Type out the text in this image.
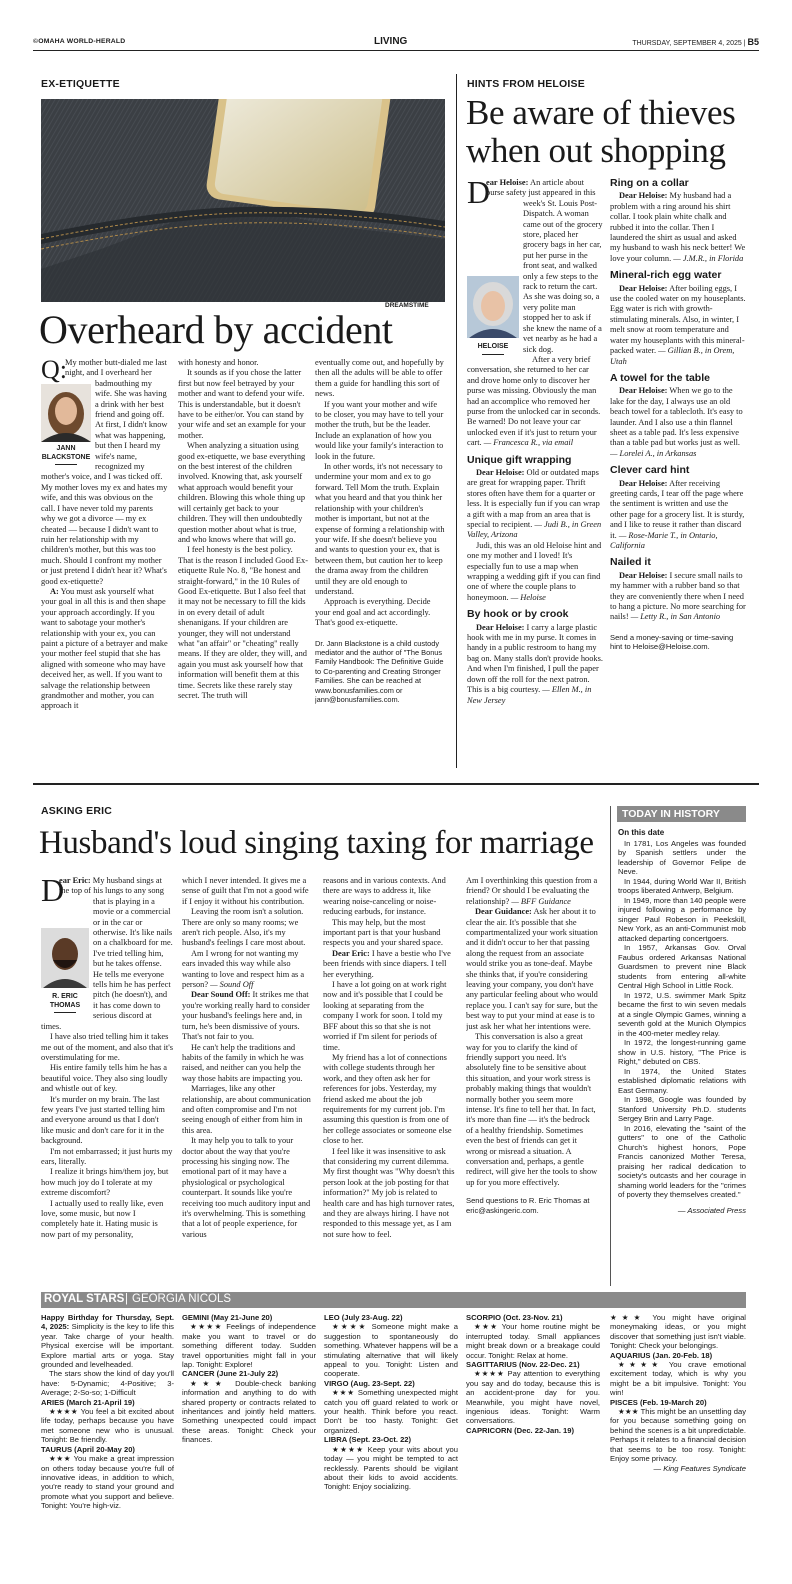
©OMAHA WORLD-HERALD	LIVING	THURSDAY, SEPTEMBER 4, 2025 | B5
EX-ETIQUETTE
DREAMSTIME
Overheard by accident
Q:
JANN
BLACKSTONE

My mother butt-dialed me last night, and I overheard her badmouthing my wife. She was having a drink with her best friend and going off. At first, I didn't know what was happening, but then I heard my wife's name, recognized my mother's voice, and I was ticked off. My mother loves my ex and hates my wife, and this was obvious on the call. I have never told my parents why we got a divorce — my ex cheated — because I didn't want to ruin her relationship with my children's mother, but this was too much. Should I confront my mother or just pretend I didn't hear it? What's good ex-etiquette?

A: You must ask yourself what your goal in all this is and then shape your approach accordingly. If you want to sabotage your mother's relationship with your ex, you can paint a picture of a betrayer and make your mother feel stupid that she has aligned with someone who may have deceived her, as well. If you want to salvage the relationship between grandmother and mother, you can approach it

with honesty and honor.

It sounds as if you chose the latter first but now feel betrayed by your mother and want to defend your wife. This is understandable, but it doesn't have to be either/or. You can stand by your wife and set an example for your mother.

When analyzing a situation using good ex-etiquette, we base everything on the best interest of the children involved. Knowing that, ask yourself what approach would benefit your children. Blowing this whole thing up will certainly get back to your children. They will then undoubtedly question mother about what is true, and who knows where that will go.

I feel honesty is the best policy. That is the reason I included Good Ex-etiquette Rule No. 8, "Be honest and straight-forward," in the 10 Rules of Good Ex-etiquette. But I also feel that it may not be necessary to fill the kids in on every detail of adult shenanigans. If your children are younger, they will not understand what "an affair" or "cheating" really means. If they are older, they will, and again you must ask yourself how that information will benefit them at this time. Secrets like these rarely stay secret. The truth will

eventually come out, and hopefully by then all the adults will be able to offer them a guide for handling this sort of news.

If you want your mother and wife to be closer, you may have to tell your mother the truth, but be the leader. Include an explanation of how you would like your family's interaction to look in the future.

In other words, it's not necessary to undermine your mom and ex to go forward. Tell Mom the truth. Explain what you heard and that you think her relationship with your children's mother is important, but not at the expense of forming a relationship with your wife. If she doesn't believe you and wants to question your ex, that is between them, but caution her to keep the drama away from the children until they are old enough to understand.

Approach is everything. Decide your end goal and act accordingly. That's good ex-etiquette.

Dr. Jann Blackstone is a child custody mediator and the author of "The Bonus Family Handbook: The Definitive Guide to Co-parenting and Creating Stronger Families. She can be reached at www.bonusfamilies.com or jann@bonusfamilies.com.
HINTS FROM HELOISE
Be aware of thieves
when out shopping
D
HELOISE

ear Heloise: An article about purse safety just appeared in this week's St. Louis Post-Dispatch. A woman came out of the grocery store, placed her grocery bags in her car, put her purse in the front seat, and walked only a few steps to the rack to return the cart. As she was doing so, a very polite man stopped her to ask if she knew the name of a vet nearby as he had a sick dog.

After a very brief conversation, she returned to her car and drove home only to discover her purse was missing. Obviously the man had an accomplice who removed her purse from the unlocked car in seconds. Be warned! Do not leave your car unlocked even if it's just to return your cart. — Francesca R., via email

Unique gift wrapping

Dear Heloise: Old or outdated maps are great for wrapping paper. Thrift stores often have them for a quarter or less. It is especially fun if you can wrap a gift with a map from an area that is special to recipient. — Judi B., in Green Valley, Arizona

Judi, this was an old Heloise hint and one my mother and I loved! It's especially fun to use a map when wrapping a wedding gift if you can find one of where the couple plans to honeymoon. — Heloise

By hook or by crook

Dear Heloise: I carry a large plastic hook with me in my purse. It comes in handy in a public restroom to hang my bag on. Many stalls don't provide hooks. And when I'm finished, I pull the paper down off the roll for the next patron. This is a big courtesy. — Ellen M., in New Jersey

Ring on a collar

Dear Heloise: My husband had a problem with a ring around his shirt collar. I took plain white chalk and rubbed it into the collar. Then I laundered the shirt as usual and asked my husband to wash his neck better! We love your column. — J.M.R., in Florida

Mineral-rich egg water

Dear Heloise: After boiling eggs, I use the cooled water on my houseplants. Egg water is rich with growth-stimulating minerals. Also, in winter, I melt snow at room temperature and water my houseplants with this mineral-packed water. — Gillian B., in Orem, Utah

A towel for the table

Dear Heloise: When we go to the lake for the day, I always use an old beach towel for a tablecloth. It's easy to launder. And I also use a thin flannel sheet as a table pad. It's less expensive than a table pad but works just as well. — Lorelei A., in Arkansas

Clever card hint

Dear Heloise: After receiving greeting cards, I tear off the page where the sentiment is written and use the other page for a grocery list. It is sturdy, and I like to reuse it rather than discard it. — Rose-Marie T., in Ontario, California

Nailed it

Dear Heloise: I secure small nails to my hammer with a rubber band so that they are conveniently there when I need to hang a picture. No more searching for nails! — Letty R., in San Antonio

Send a money-saving or time-saving hint to Heloise@Heloise.com.
ASKING ERIC
Husband's loud singing taxing for marriage
D
R. ERIC
THOMAS

ear Eric: My husband sings at the top of his lungs to any song that is playing in a movie or a commercial or in the car or otherwise. It's like nails on a chalkboard for me. I've tried telling him, but he takes offense. He tells me everyone tells him he has perfect pitch (he doesn't), and it has come down to serious discord at times.

I have also tried telling him it takes me out of the moment, and also that it's overstimulating for me.

His entire family tells him he has a beautiful voice. They also sing loudly and whistle out of key.

It's murder on my brain. The last few years I've just started telling him and everyone around us that I don't like music and don't care for it in the background.

I'm not embarrassed; it just hurts my ears, literally.

I realize it brings him/them joy, but how much joy do I tolerate at my extreme discomfort?

I actually used to really like, even love, some music, but now I completely hate it. Hating music is now part of my personality,

which I never intended. It gives me a sense of guilt that I'm not a good wife if I enjoy it without his contribution.

Leaving the room isn't a solution. There are only so many rooms; we aren't rich people. Also, it's my husband's feelings I care most about.

Am I wrong for not wanting my ears invaded this way while also wanting to love and respect him as a person? — Sound Off

Dear Sound Off: It strikes me that you're working really hard to consider your husband's feelings here and, in turn, he's been dismissive of yours. That's not fair to you.

He can't help the traditions and habits of the family in which he was raised, and neither can you help the way those habits are impacting you.

Marriages, like any other relationship, are about communication and often compromise and I'm not seeing enough of either from him in this area.

It may help you to talk to your doctor about the way that you're processing his singing now. The emotional part of it may have a physiological or psychological counterpart. It sounds like you're receiving too much auditory input and it's overwhelming. This is something that a lot of people experience, for various

reasons and in various contexts. And there are ways to address it, like wearing noise-canceling or noise-reducing earbuds, for instance.

This may help, but the most important part is that your husband respects you and your shared space.

Dear Eric: I have a bestie who I've been friends with since diapers. I tell her everything.

I have a lot going on at work right now and it's possible that I could be looking at separating from the company I work for soon. I told my BFF about this so that she is not worried if I'm silent for periods of time.

My friend has a lot of connections with college students through her work, and they often ask her for references for jobs. Yesterday, my friend asked me about the job requirements for my current job. I'm assuming this question is from one of her college associates or someone else close to her.

I feel like it was insensitive to ask that considering my current dilemma. My first thought was "Why doesn't this person look at the job posting for that information?" My job is related to health care and has high turnover rates, and they are always hiring. I have not responded to this message yet, as I am not sure how to feel.

Am I overthinking this question from a friend? Or should I be evaluating the relationship? — BFF Guidance

Dear Guidance: Ask her about it to clear the air. It's possible that she compartmentalized your work situation and it didn't occur to her that passing along the request from an associate would strike you as tone-deaf. Maybe she thinks that, if you're considering leaving your company, you don't have any particular feeling about who would replace you. I can't say for sure, but the best way to put your mind at ease is to just ask her what her intentions were.

This conversation is also a great way for you to clarify the kind of friendly support you need. It's absolutely fine to be sensitive about this situation, and your work stress is probably making things that wouldn't normally bother you seem more intense. It's fine to tell her that. In fact, it's more than fine — it's the bedrock of a healthy friendship. Sometimes even the best of friends can get it wrong or misread a situation. A conversation and, perhaps, a gentle redirect, will give her the tools to show up for you more effectively.

Send questions to R. Eric Thomas at eric@askingeric.com.
TODAY IN HISTORY
On this date

In 1781, Los Angeles was founded by Spanish settlers under the leadership of Governor Felipe de Neve.

In 1944, during World War II, British troops liberated Antwerp, Belgium.

In 1949, more than 140 people were injured following a performance by singer Paul Robeson in Peekskill, New York, as an anti-Communist mob attacked departing concertgoers.

In 1957, Arkansas Gov. Orval Faubus ordered Arkansas National Guardsmen to prevent nine Black students from entering all-white Central High School in Little Rock.

In 1972, U.S. swimmer Mark Spitz became the first to win seven medals at a single Olympic Games, winning a seventh gold at the Munich Olympics in the 400-meter medley relay.

In 1972, the longest-running game show in U.S. history, "The Price is Right," debuted on CBS.

In 1974, the United States established diplomatic relations with East Germany.

In 1998, Google was founded by Stanford University Ph.D. students Sergey Brin and Larry Page.

In 2016, elevating the "saint of the gutters" to one of the Catholic Church's highest honors, Pope Francis canonized Mother Teresa, praising her radical dedication to society's outcasts and her courage in shaming world leaders for the "crimes of poverty they themselves created."

— Associated Press
ROYAL STARS | GEORGIA NICOLS

Happy Birthday for Thursday, Sept. 4, 2025: Simplicity is the key to life this year. Take charge of your health. Physical exercise will be important. Explore martial arts or yoga. Stay grounded and levelheaded.

The stars show the kind of day you'll have: 5-Dynamic; 4-Positive; 3-Average; 2-So-so; 1-Difficult

ARIES (March 21-April 19)

★★★★ You feel a bit excited about life today, perhaps because you have met someone new who is unusual. Tonight: Be friendly.

TAURUS (April 20-May 20)

★★★ You make a great impression on others today because you're full of innovative ideas, in addition to which, you're ready to stand your ground and promote what you support and believe. Tonight: You're high-viz.

GEMINI (May 21-June 20)

★★★★ Feelings of independence make you want to travel or do something different today. Sudden travel opportunities might fall in your lap. Tonight: Explore!

CANCER (June 21-July 22)

★★★ Double-check banking information and anything to do with shared property or contracts related to inheritances and jointly held matters. Something unexpected could impact these areas. Tonight: Check your finances.

LEO (July 23-Aug. 22)

★★★★ Someone might make a suggestion to spontaneously do something. Whatever happens will be a stimulating alternative that will likely appeal to you. Tonight: Listen and cooperate.

VIRGO (Aug. 23-Sept. 22)

★★★ Something unexpected might catch you off guard related to work or your health. Think before you react. Don't be too hasty. Tonight: Get organized.

LIBRA (Sept. 23-Oct. 22)

★★★★ Keep your wits about you today — you might be tempted to act recklessly. Parents should be vigilant about their kids to avoid accidents. Tonight: Enjoy socializing.

SCORPIO (Oct. 23-Nov. 21)

★★★ Your home routine might be interrupted today. Small appliances might break down or a breakage could occur. Tonight: Relax at home.

SAGITTARIUS (Nov. 22-Dec. 21)

★★★★ Pay attention to everything you say and do today, because this is an accident-prone day for you. Meanwhile, you might have novel, ingenious ideas. Tonight: Warm conversations.

CAPRICORN (Dec. 22-Jan. 19)

★★★ You might have original moneymaking ideas, or you might discover that something just isn't viable. Tonight: Check your belongings.

AQUARIUS (Jan. 20-Feb. 18)

★★★★ You crave emotional excitement today, which is why you might be a bit impulsive. Tonight: You win!

PISCES (Feb. 19-March 20)

★★★ This might be an unsettling day for you because something going on behind the scenes is a bit unpredictable. Perhaps it relates to a financial decision that seems to be too rosy. Tonight: Enjoy some privacy.

— King Features Syndicate
